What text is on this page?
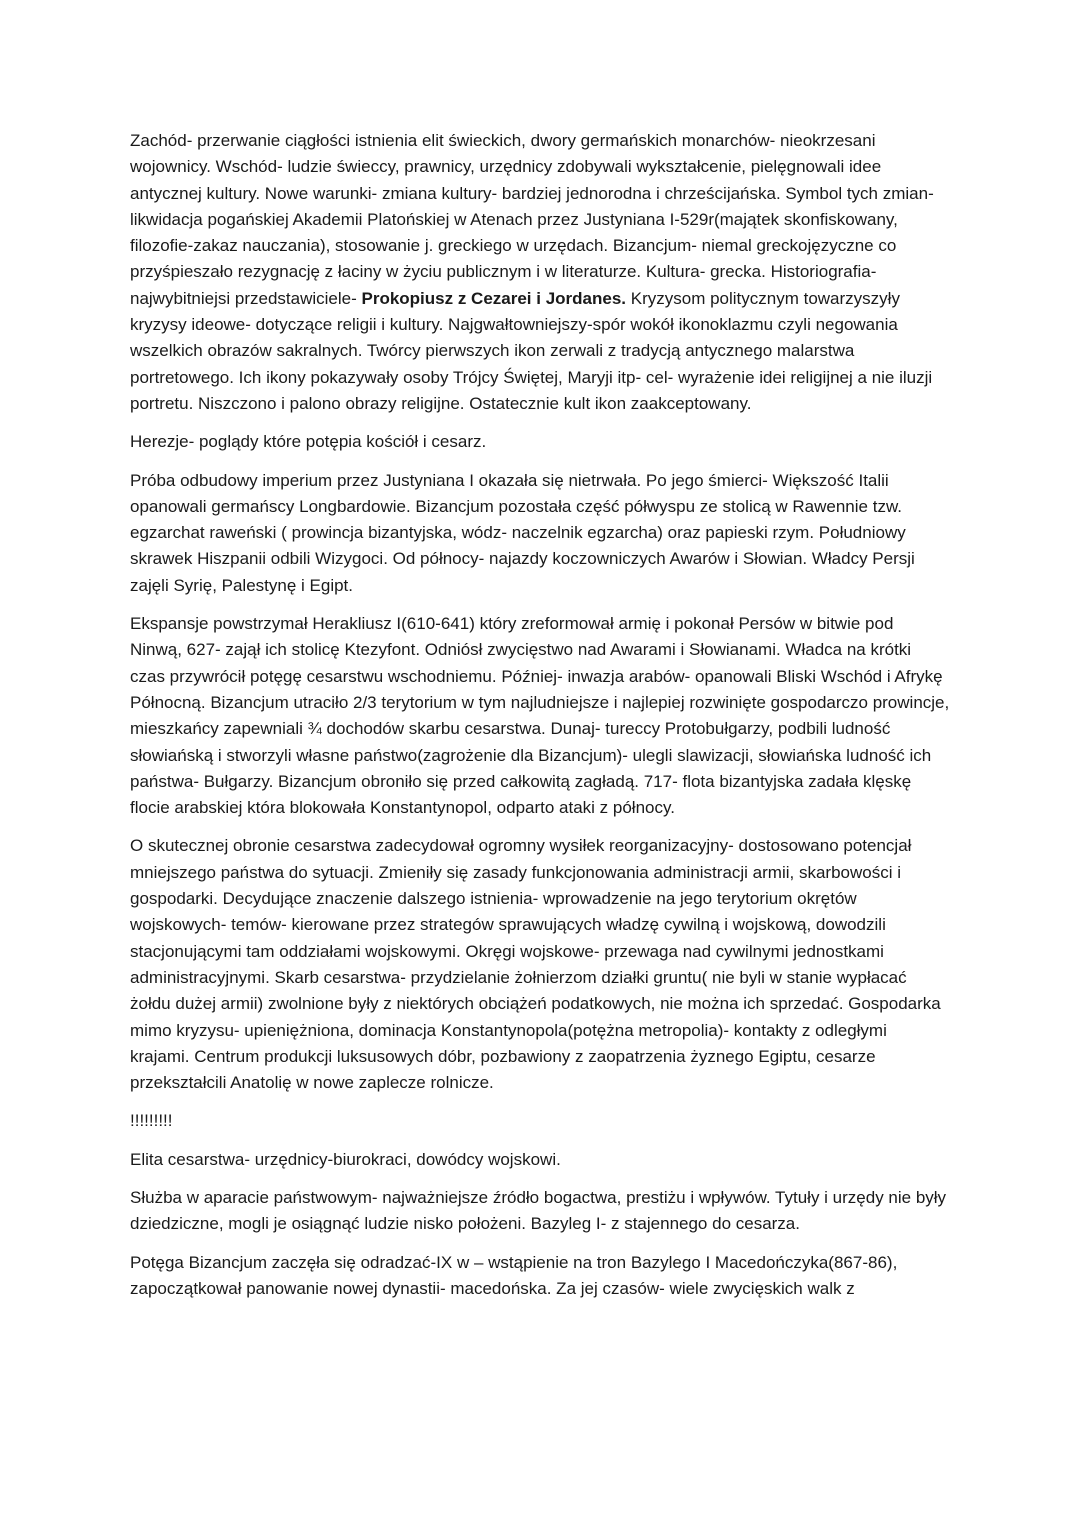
Zachód- przerwanie ciągłości istnienia elit świeckich, dwory germańskich monarchów- nieokrzesani wojownicy. Wschód- ludzie świeccy, prawnicy, urzędnicy zdobywali wykształcenie, pielęgnowali idee antycznej kultury. Nowe warunki- zmiana kultury- bardziej jednorodna i chrześcijańska. Symbol tych zmian- likwidacja pogańskiej Akademii Platońskiej w Atenach przez Justyniana I-529r(majątek skonfiskowany, filozofie-zakaz nauczania), stosowanie j. greckiego w urzędach. Bizancjum- niemal greckojęzyczne co przyśpieszało rezygnację z łaciny w życiu publicznym i w literaturze. Kultura- grecka. Historiografia- najwybitniejsi przedstawiciele- Prokopiusz z Cezarei i Jordanes. Kryzysom politycznym towarzyszyły kryzysy ideowe- dotyczące religii i kultury. Najgwałtowniejszy-spór wokół ikonoklazmu czyli negowania wszelkich obrazów sakralnych. Twórcy pierwszych ikon zerwali z tradycją antycznego malarstwa portretowego. Ich ikony pokazywały osoby Trójcy Świętej, Maryji itp- cel- wyrażenie idei religijnej a nie iluzji portretu. Niszczono i palono obrazy religijne. Ostatecznie kult ikon zaakceptowany.

Herezje- poglądy które potępia kościół i cesarz.

Próba odbudowy imperium przez Justyniana I okazała się nietrwała. Po jego śmierci- Większość Italii opanowali germańscy Longbardowie. Bizancjum pozostała część półwyspu ze stolicą w Rawennie tzw. egzarchat raweński ( prowincja bizantyjska, wódz- naczelnik egzarcha) oraz papieski rzym. Południowy skrawek Hiszpanii odbili Wizygoci. Od północy- najazdy koczowniczych Awarów i Słowian. Władcy Persji zajęli Syrię, Palestynę i Egipt.

Ekspansje powstrzymał Herakliusz I(610-641) który zreformował armię i pokonał Persów w bitwie pod Ninwą, 627- zajął ich stolicę Ktezyfont. Odniósł zwycięstwo nad Awarami i Słowianami. Władca na krótki czas przywrócił potęgę cesarstwu wschodniemu. Później- inwazja arabów- opanowali Bliski Wschód i Afrykę Północną. Bizancjum utraciło 2/3 terytorium w tym najludniejsze i najlepiej rozwinięte gospodarczo prowincje, mieszkańcy zapewniali ¾ dochodów skarbu cesarstwa. Dunaj- tureccy Protobułgarzy, podbili ludność słowiańską i stworzyli własne państwo(zagrożenie dla Bizancjum)- ulegli slawizacji, słowiańska ludność ich państwa- Bułgarzy. Bizancjum obroniło się przed całkowitą zagładą. 717- flota bizantyjska zadała klęskę flocie arabskiej która blokowała Konstantynopol, odparto ataki z północy.

O skutecznej obronie cesarstwa zadecydował ogromny wysiłek reorganizacyjny- dostosowano potencjał mniejszego państwa do sytuacji. Zmieniły się zasady funkcjonowania administracji armii, skarbowości i gospodarki. Decydujące znaczenie dalszego istnienia- wprowadzenie na jego terytorium okrętów wojskowych- temów- kierowane przez strategów sprawujących władzę cywilną i wojskową, dowodzili stacjonującymi tam oddziałami wojskowymi. Okręgi wojskowe- przewaga nad cywilnymi jednostkami administracyjnymi. Skarb cesarstwa- przydzielanie żołnierzom działki gruntu( nie byli w stanie wypłacać żołdu dużej armii) zwolnione były z niektórych obciążeń podatkowych, nie można ich sprzedać. Gospodarka mimo kryzysu- upieniężniona, dominacja Konstantynopola(potężna metropolia)- kontakty z odległymi krajami. Centrum produkcji luksusowych dóbr, pozbawiony z zaopatrzenia żyznego Egiptu, cesarze przekształcili Anatolię w nowe zaplecze rolnicze.

!!!!!!!!!

Elita cesarstwa- urzędnicy-biurokraci, dowódcy wojskowi.

Służba w aparacie państwowym- najważniejsze źródło bogactwa, prestiżu i wpływów. Tytuły i urzędy nie były dziedziczne, mogli je osiągnąć ludzie nisko położeni. Bazyleg I- z stajennego do cesarza.

Potęga Bizancjum zaczęła się odradzać-IX w – wstąpienie na tron Bazylego I Macedończyka(867-86), zapoczątkował panowanie nowej dynastii- macedońska. Za jej czasów- wiele zwycięskich walk z
